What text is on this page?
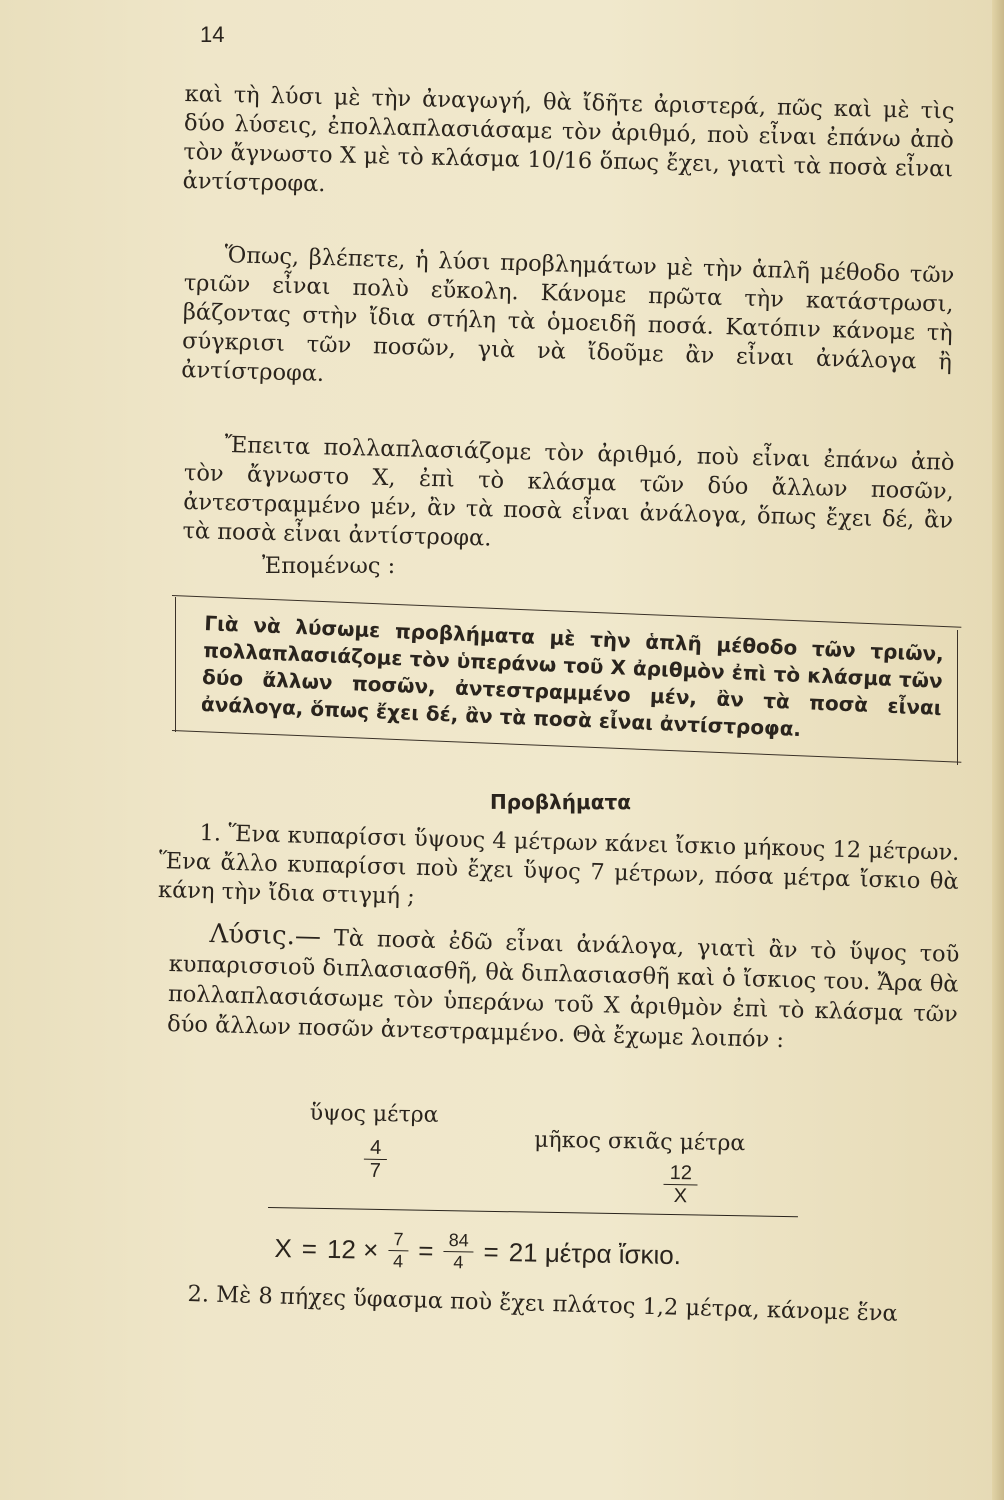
14
καὶ τὴ λύσι μὲ τὴν ἀναγωγή, θὰ ἴδῆτε ἀριστερά, πῶς καὶ μὲ τὶς δύο λύσεις, ἐπολλαπλασιάσαμε τὸν ἀριθμό, ποὺ εἶναι ἐπάνω ἀπὸ τὸν ἄγνωστο Χ μὲ τὸ κλάσμα 10/16 ὅπως ἔχει, γιατὶ τὰ ποσὰ εἶναι ἀντίστροφα.
Ὅπως, βλέπετε, ἡ λύσι προβλημάτων μὲ τὴν ἁπλῆ μέθοδο τῶν τριῶν εἶναι πολὺ εὔκολη. Κάνομε πρῶτα τὴν κατάστρωσι, βάζοντας στὴν ἴδια στήλη τὰ ὁμοειδῆ ποσά. Κατόπιν κάνομε τὴ σύγκρισι τῶν ποσῶν, γιὰ νὰ ἴδοῦμε ἂν εἶναι ἀνάλογα ἢ ἀντίστροφα.
Ἔπειτα πολλαπλασιάζομε τὸν ἀριθμό, ποὺ εἶναι ἐπάνω ἀπὸ τὸν ἄγνωστο Χ, ἐπὶ τὸ κλάσμα τῶν δύο ἄλλων ποσῶν, ἀντεστραμμένο μέν, ἂν τὰ ποσὰ εἶναι ἀνάλογα, ὅπως ἔχει δέ, ἂν τὰ ποσὰ εἶναι ἀντίστροφα.
Ἐπομένως :
Γιὰ νὰ λύσωμε προβλήματα μὲ τὴν ἁπλῆ μέθοδο τῶν τριῶν, πολλαπλασιάζομε τὸν ὑπεράνω τοῦ Χ ἀριθμὸν ἐπὶ τὸ κλάσμα τῶν δύο ἄλλων ποσῶν, ἀντεστραμμένο μέν, ἂν τὰ ποσὰ εἶναι ἀνάλογα, ὅπως ἔχει δέ, ἂν τὰ ποσὰ εἶναι ἀντίστροφα.
Προβλήματα
1. Ἕνα κυπαρίσσι ὕψους 4 μέτρων κάνει ἴσκιο μήκους 12 μέτρων. Ἕνα ἄλλο κυπαρίσσι ποὺ ἔχει ὕψος 7 μέτρων, πόσα μέτρα ἴσκιο θὰ κάνη τὴν ἴδια στιγμή ;
Λύσις.— Τὰ ποσὰ ἐδῶ εἶναι ἀνάλογα, γιατὶ ἂν τὸ ὕψος τοῦ κυπαρισσιοῦ διπλασιασθῆ, θὰ διπλασιασθῆ καὶ ὁ ἴσκιος του. Ἄρα θὰ πολλαπλασιάσωμε τὸν ὑπεράνω τοῦ Χ ἀριθμὸν ἐπὶ τὸ κλάσμα τῶν δύο ἄλλων ποσῶν ἀντεστραμμένο. Θὰ ἔχωμε λοιπόν :
ὕψος μέτρα
μῆκος σκιᾶς μέτρα
$\frac{4}{7}$
$\frac{12}{X}$
$X = 12 \times \frac{7}{4} = \frac{84}{4} = 21$ μέτρα ἴσκιο.
2. Μὲ 8 πήχες ὕφασμα ποὺ ἔχει πλάτος 1,2 μέτρα, κάνομε ἕνα
